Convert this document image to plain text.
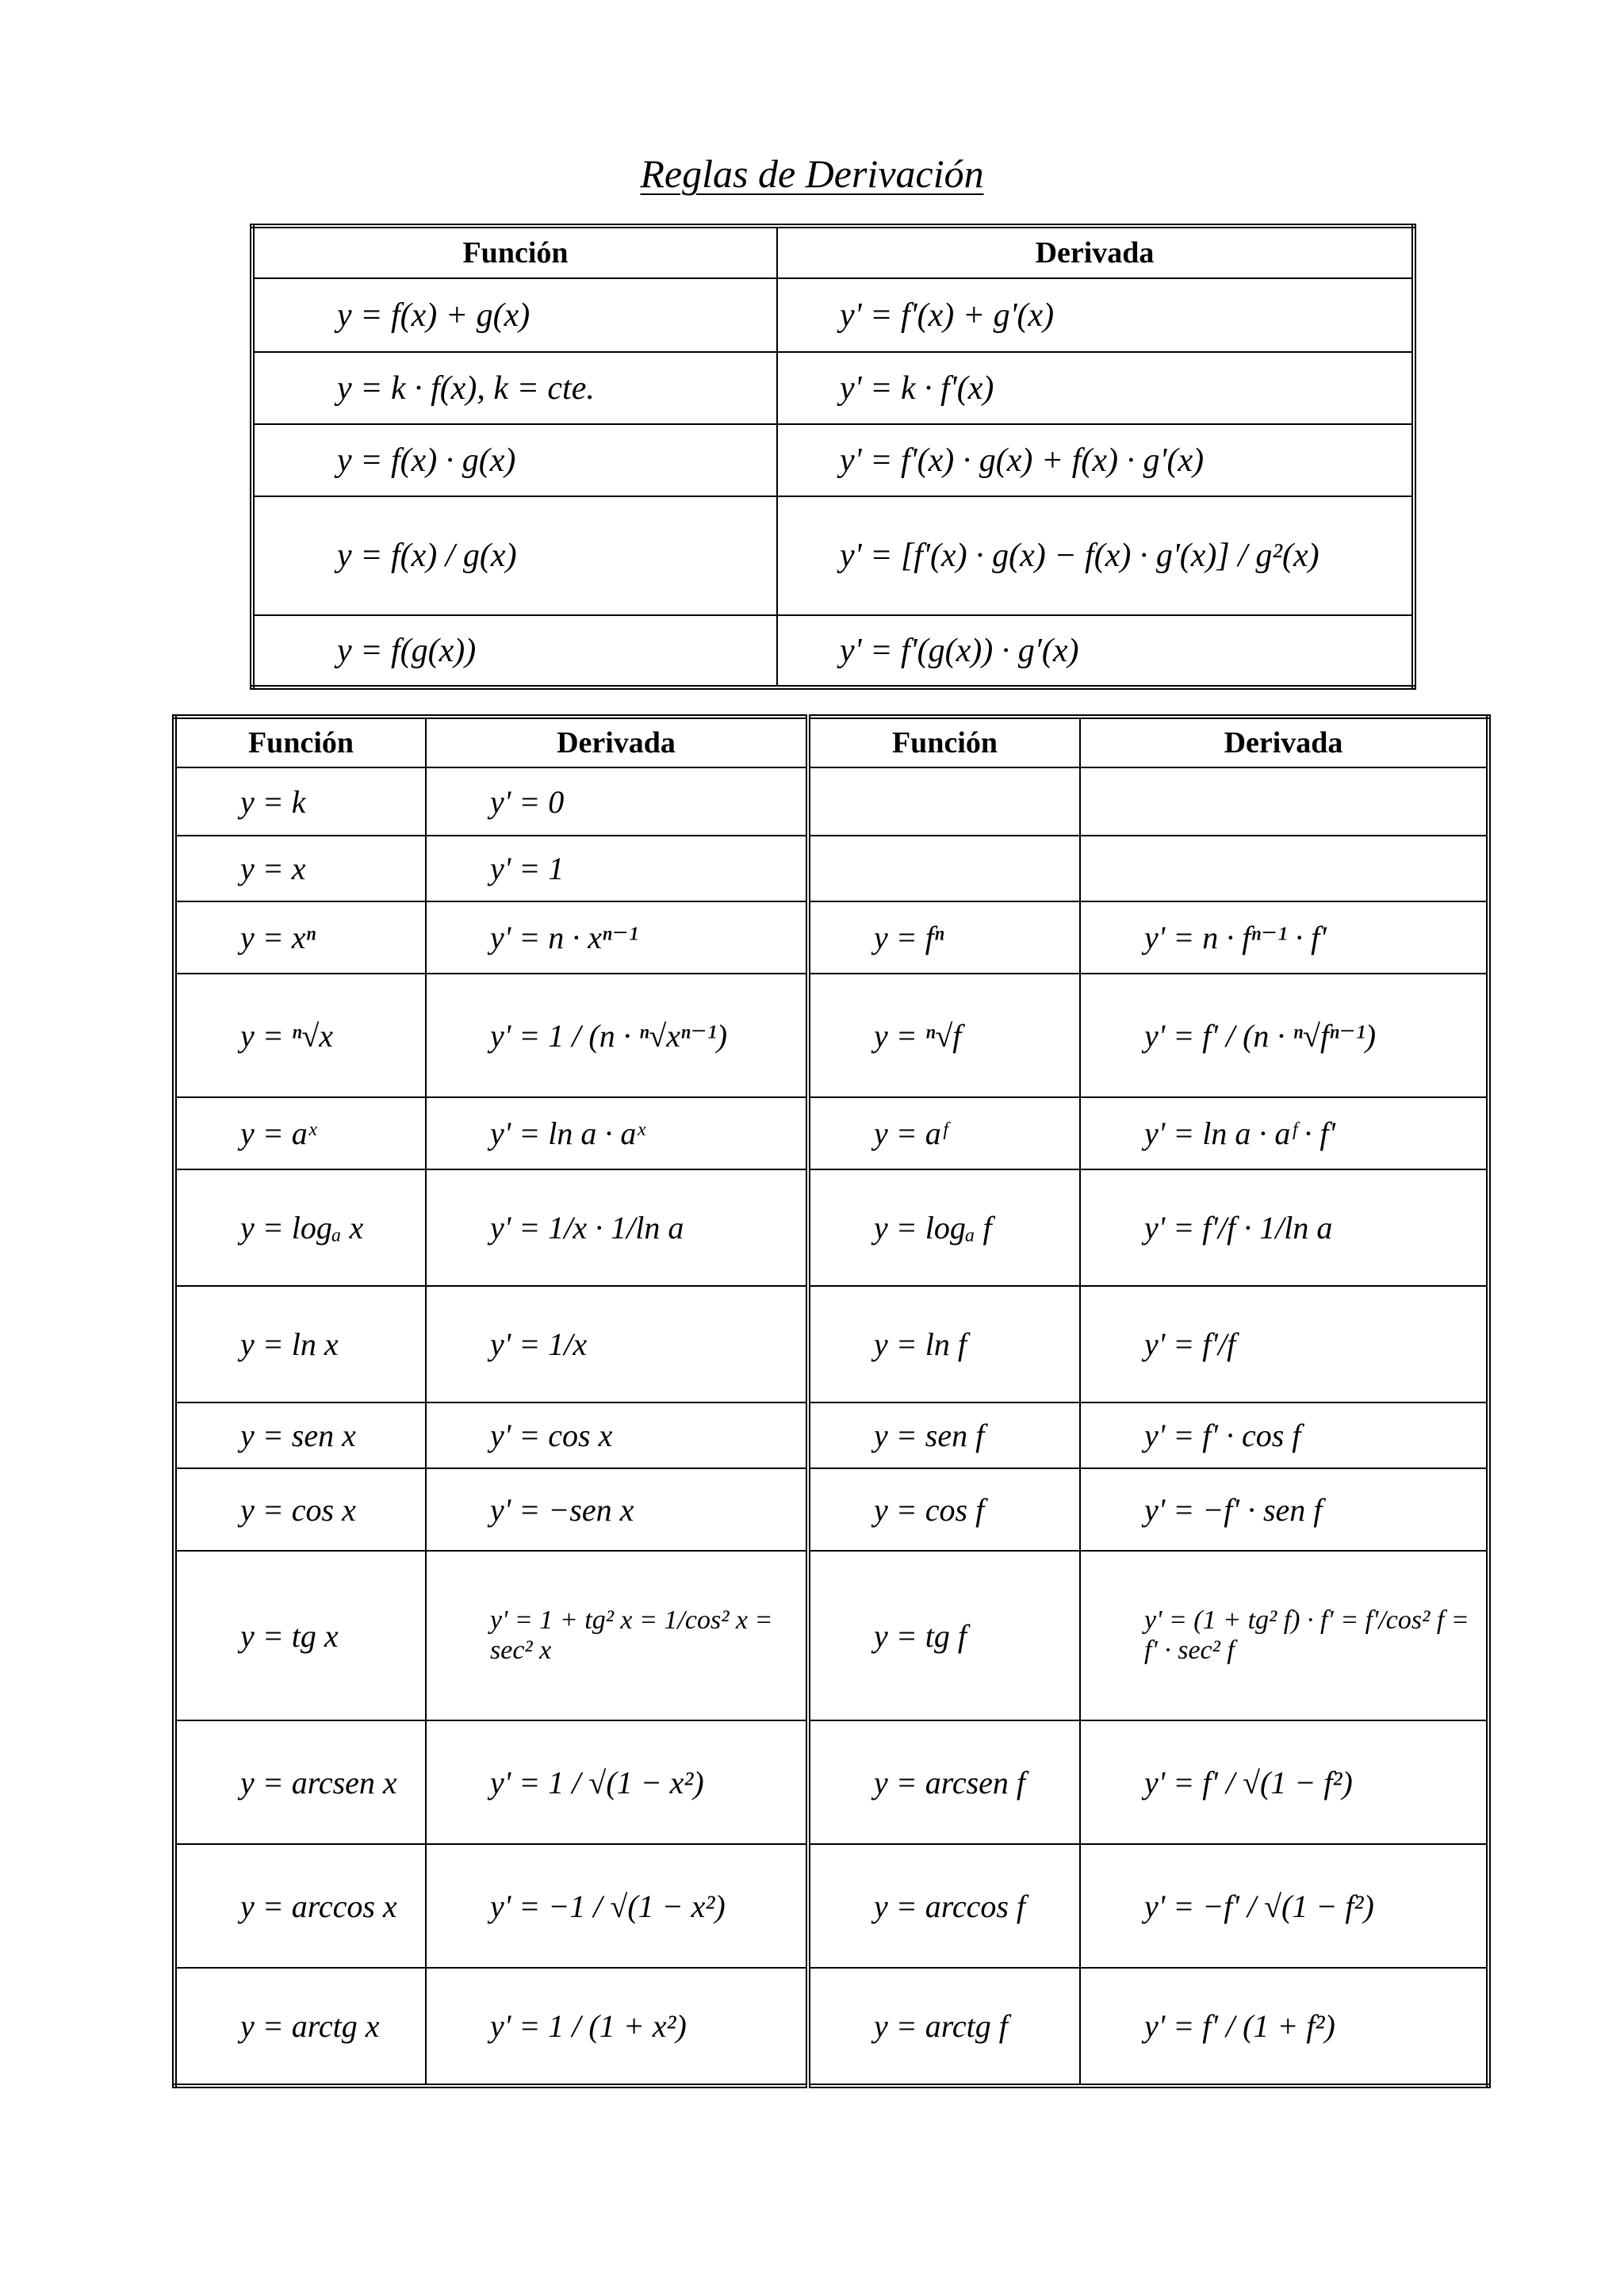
Reglas de Derivación
Función	Derivada
y = f(x) + g(x)	y' = f'(x) + g'(x)
y = k · f(x), k = cte.	y' = k · f'(x)
y = f(x) · g(x)	y' = f'(x) · g(x) + f(x) · g'(x)
y = f(x) / g(x)	y' = [f'(x) · g(x) − f(x) · g'(x)] / g²(x)
y = f(g(x))	y' = f'(g(x)) · g′(x)
Función	Derivada	Función	Derivada
y = k	y' = 0		
y = x	y' = 1		
y = xⁿ	y' = n · xⁿ⁻¹	y = fⁿ	y' = n · fⁿ⁻¹ · f'
y = ⁿ√x	y' = 1 / (n · ⁿ√xⁿ⁻¹)	y = ⁿ√f	y' = f' / (n · ⁿ√fⁿ⁻¹)
y = aˣ	y' = ln a · aˣ	y = aᶠ	y' = ln a · aᶠ · f'
y = logₐ x	y' = 1/x · 1/ln a	y = logₐ f	y' = f'/f · 1/ln a
y = ln x	y' = 1/x	y = ln f	y' = f'/f
y = sen x	y' = cos x	y = sen f	y' = f' · cos f
y = cos x	y' = −sen x	y = cos f	y' = −f' · sen f
y = tg x	y' = 1 + tg² x = 1/cos² x = sec² x	y = tg f	y' = (1 + tg² f) · f' = f'/cos² f = f' · sec² f
y = arcsen x	y' = 1 / √(1 − x²)	y = arcsen f	y' = f' / √(1 − f²)
y = arccos x	y' = −1 / √(1 − x²)	y = arccos f	y' = −f' / √(1 − f²)
y = arctg x	y' = 1 / (1 + x²)	y = arctg f	y' = f' / (1 + f²)
